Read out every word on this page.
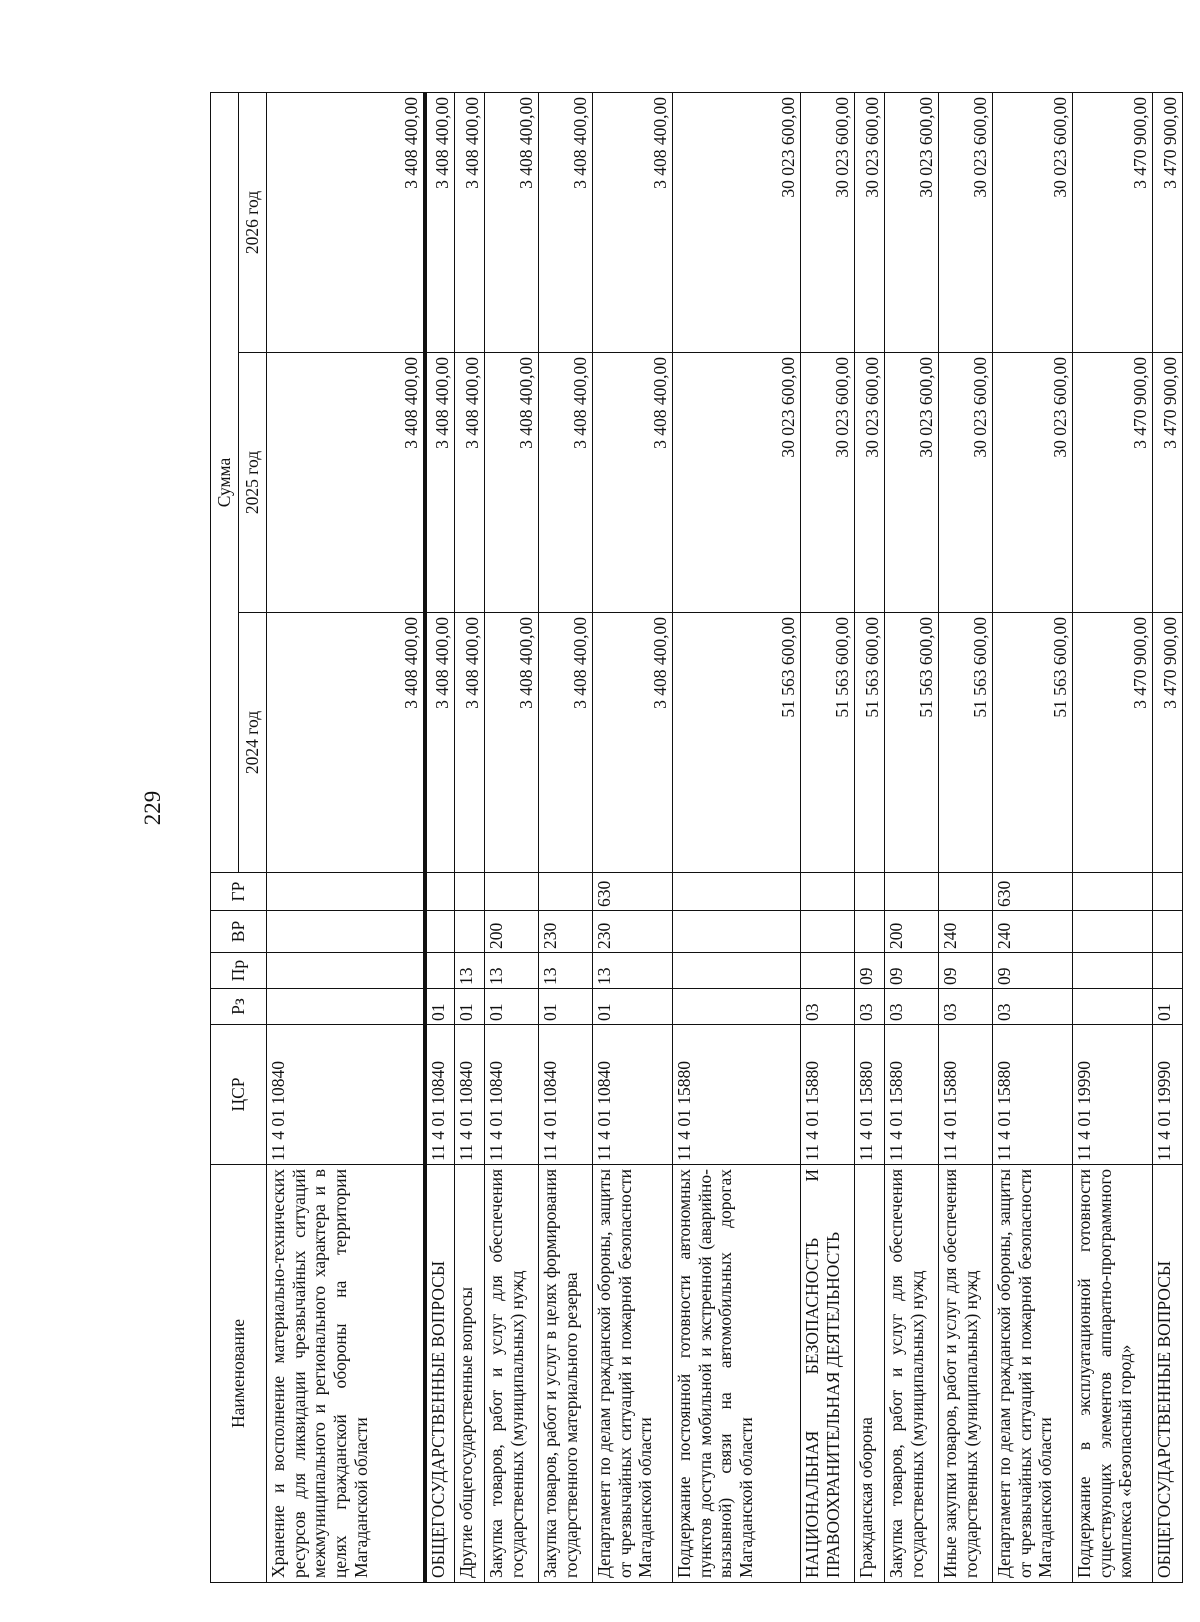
229
Наименование	ЦСР	Рз	Пр	ВР	ГР	Сумма		
						2024 год	2025 год	2026 год
Хранение и восполнение материально-технических ресурсов для ликвидации чрезвычайных ситуаций межмуниципального и регионального характера и в целях гражданской обороны на территории Магаданской области	11 4 01 10840					3 408 400,00	3 408 400,00	3 408 400,00
ОБЩЕГОСУДАРСТВЕННЫЕ ВОПРОСЫ	11 4 01 10840	01				3 408 400,00	3 408 400,00	3 408 400,00
Другие общегосударственные вопросы	11 4 01 10840	01	13			3 408 400,00	3 408 400,00	3 408 400,00
Закупка товаров, работ и услуг для обеспечения государственных (муниципальных) нужд	11 4 01 10840	01	13	200		3 408 400,00	3 408 400,00	3 408 400,00
Закупка товаров, работ и услуг в целях формирования государственного материального резерва	11 4 01 10840	01	13	230		3 408 400,00	3 408 400,00	3 408 400,00
Департамент по делам гражданской обороны, защиты от чрезвычайных ситуаций и пожарной безопасности Магаданской области	11 4 01 10840	01	13	230	630	3 408 400,00	3 408 400,00	3 408 400,00
Поддержание постоянной готовности автономных пунктов доступа мобильной и экстренной (аварийно-вызывной) связи на автомобильных дорогах Магаданской области	11 4 01 15880					51 563 600,00	30 023 600,00	30 023 600,00
НАЦИОНАЛЬНАЯ БЕЗОПАСНОСТЬ И ПРАВООХРАНИТЕЛЬНАЯ ДЕЯТЕЛЬНОСТЬ	11 4 01 15880	03				51 563 600,00	30 023 600,00	30 023 600,00
Гражданская оборона	11 4 01 15880	03	09			51 563 600,00	30 023 600,00	30 023 600,00
Закупка товаров, работ и услуг для обеспечения государственных (муниципальных) нужд	11 4 01 15880	03	09	200		51 563 600,00	30 023 600,00	30 023 600,00
Иные закупки товаров, работ и услуг для обеспечения государственных (муниципальных) нужд	11 4 01 15880	03	09	240		51 563 600,00	30 023 600,00	30 023 600,00
Департамент по делам гражданской обороны, защиты от чрезвычайных ситуаций и пожарной безопасности Магаданской области	11 4 01 15880	03	09	240	630	51 563 600,00	30 023 600,00	30 023 600,00
Поддержание в эксплуатационной готовности существующих элементов аппаратно-программного комплекса «Безопасный город»	11 4 01 19990					3 470 900,00	3 470 900,00	3 470 900,00
ОБЩЕГОСУДАРСТВЕННЫЕ ВОПРОСЫ	11 4 01 19990	01				3 470 900,00	3 470 900,00	3 470 900,00
